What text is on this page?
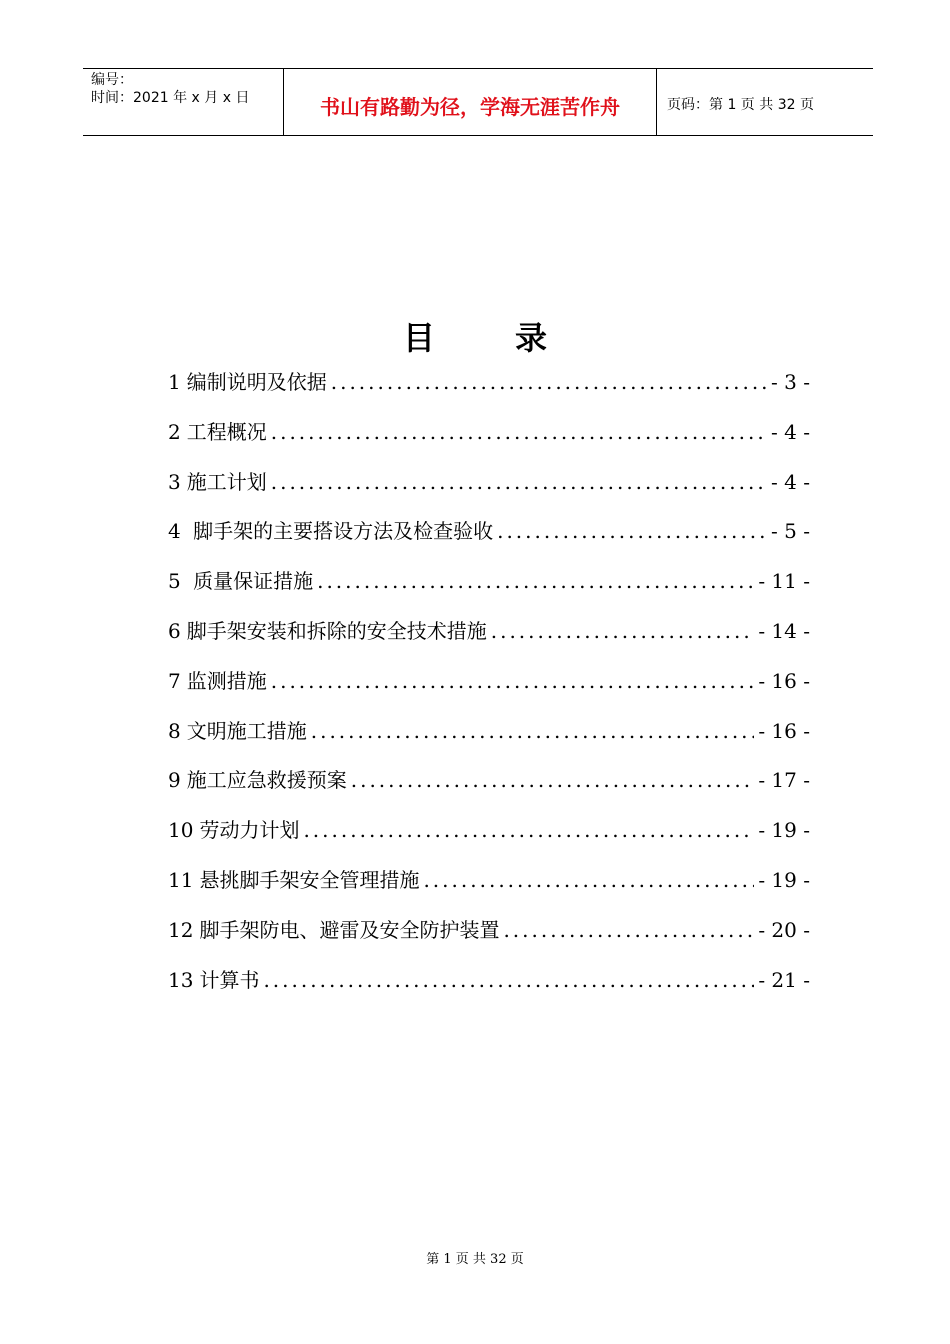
编号：
时间：2021 年 x 月 x 日	书山有路勤为径，学海无涯苦作舟	页码：第 1 页 共 32 页
目录
1 编制说明及依据 .....	- 3 -
2 工程概况 .....	- 4 -
3 施工计划 .....	- 4 -
4 脚手架的主要搭设方法及检查验收 .....	- 5 -
5 质量保证措施 .....	- 11 -
6 脚手架安装和拆除的安全技术措施 .....	- 14 -
7 监测措施 .....	- 16 -
8 文明施工措施 .....	- 16 -
9 施工应急救援预案 .....	- 17 -
10 劳动力计划 .....	- 19 -
11 悬挑脚手架安全管理措施 .....	- 19 -
12 脚手架防电、避雷及安全防护装置 .....	- 20 -
13 计算书 .....	- 21 -
第 1 页 共 32 页
